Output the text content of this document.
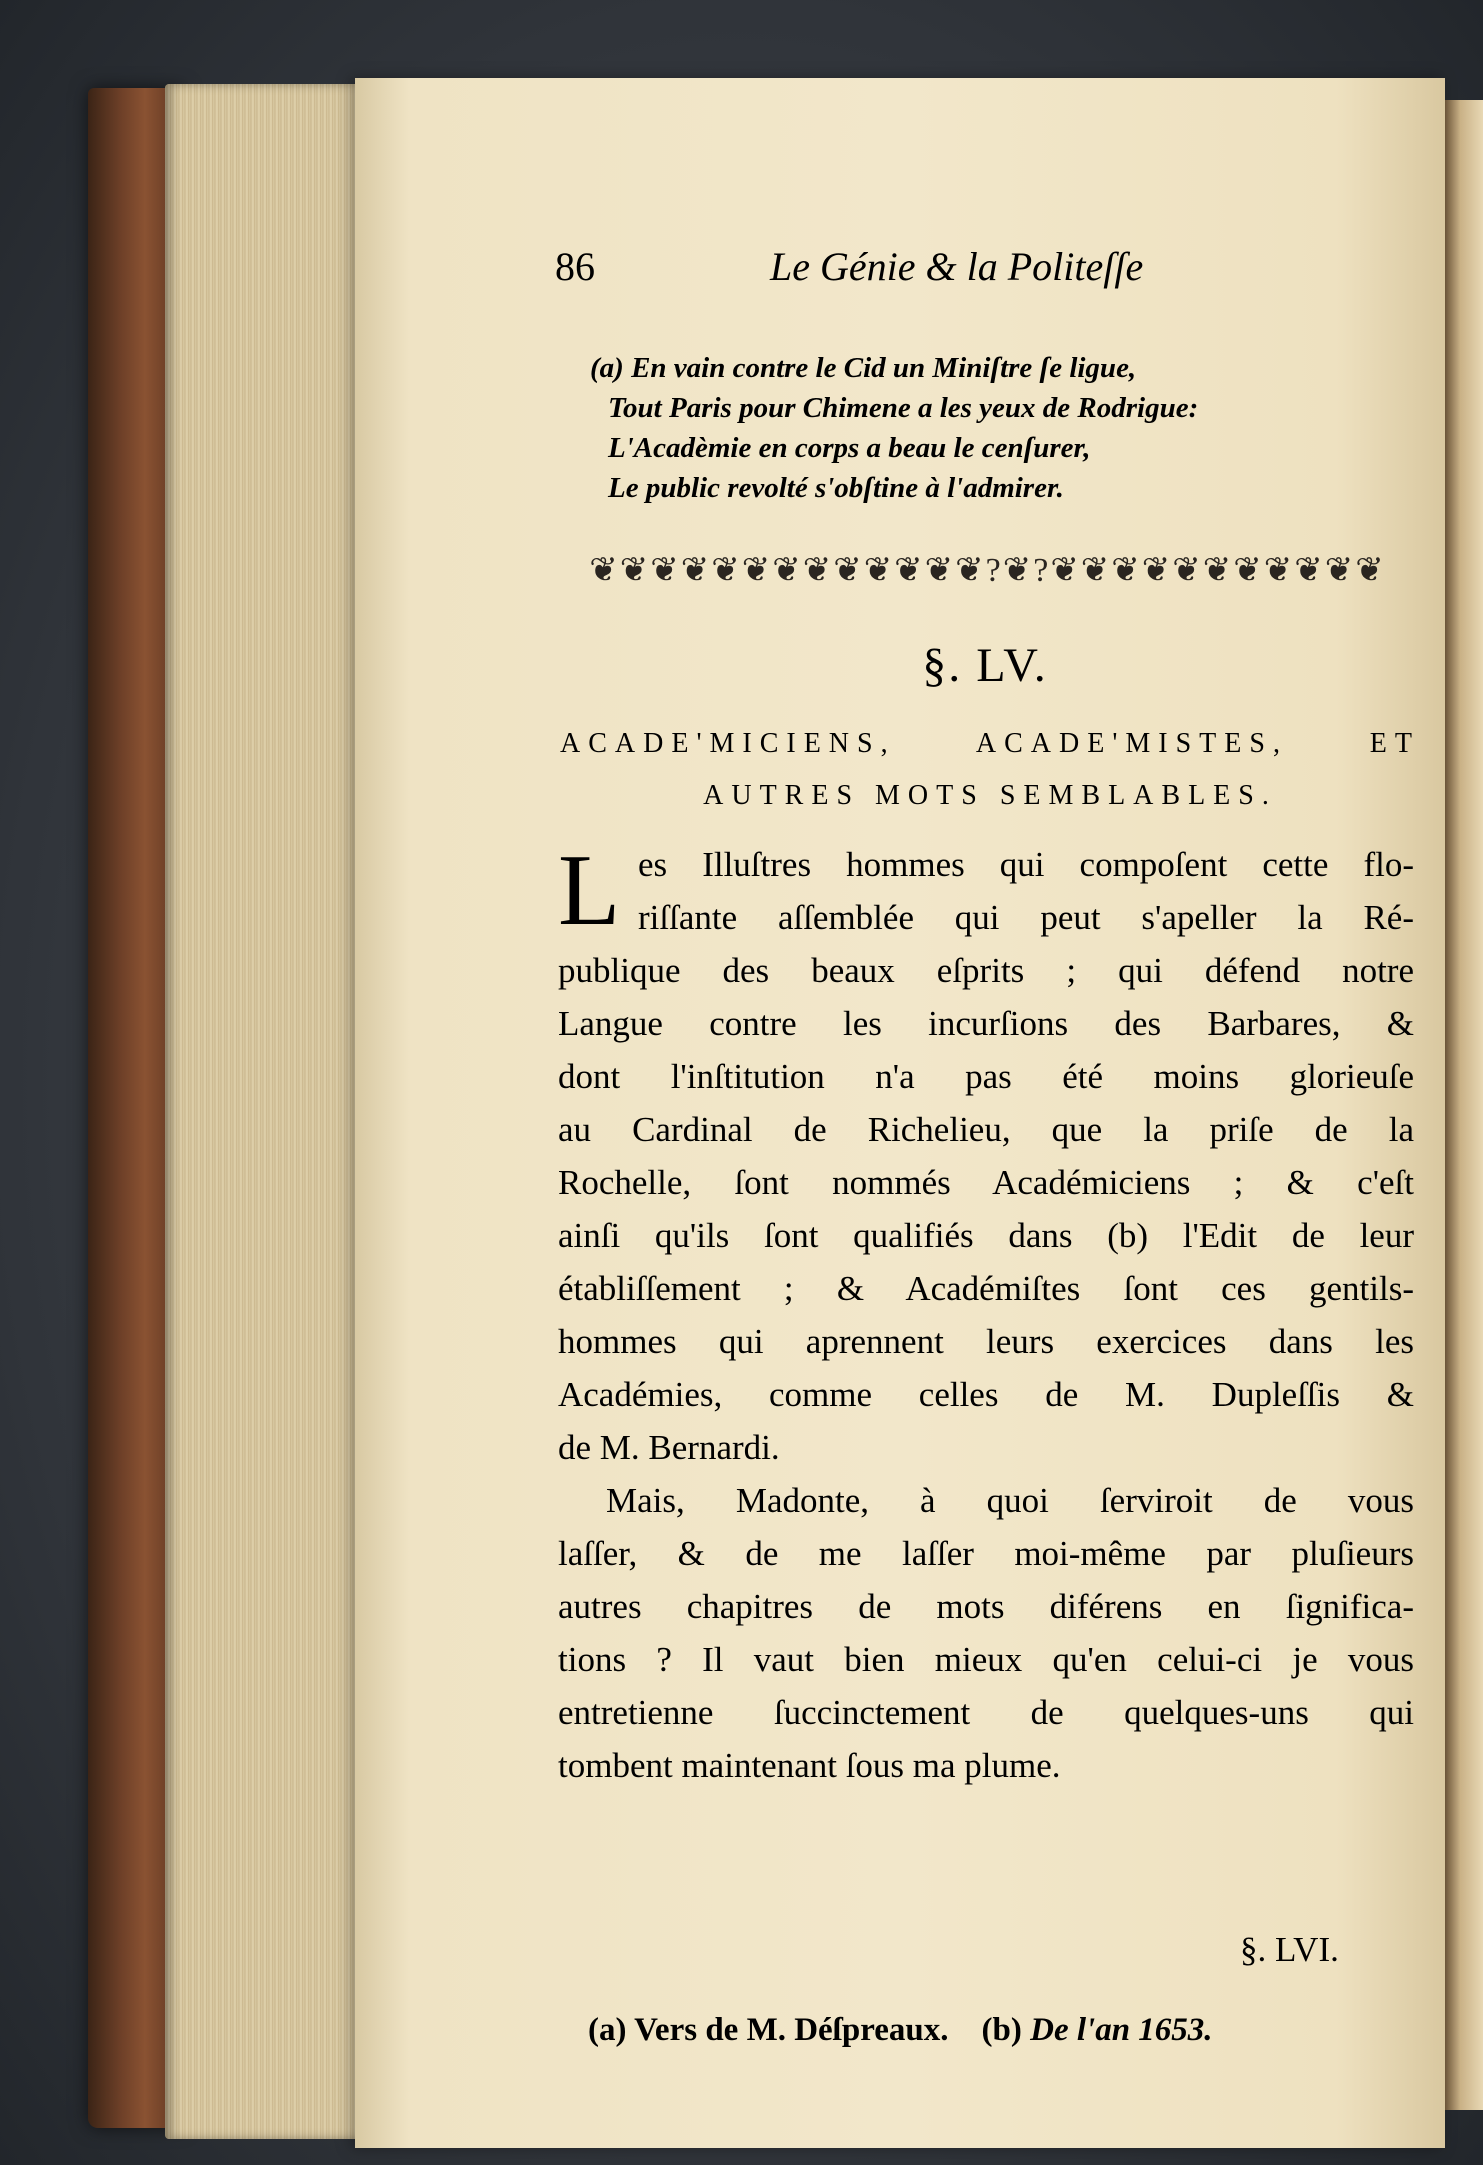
86	Le Génie & la Politeſſe
(a) En vain contre le Cid un Miniſtre ſe ligue,
Tout Paris pour Chimene a les yeux de Rodrigue:
L'Acadèmie en corps a beau le cenſurer,
Le public revolté s'obſtine à l'admirer.
❦❦❦❦❦❦❦❦❦❦❦❦❦?❦?❦❦❦❦❦❦❦❦❦❦❦
§. LV.
ACADE'MICIENS, ACADE'MISTES, ET
AUTRES MOTS SEMBLABLES.
L es Illuſtres hommes qui compoſent cette flo-
riſſante aſſemblée qui peut s'apeller la Ré-
publique des beaux eſprits ; qui défend notre
Langue contre les incurſions des Barbares, &
dont l'inſtitution n'a pas été moins glorieuſe
au Cardinal de Richelieu, que la priſe de la
Rochelle, ſont nommés Académiciens ; & c'eſt
ainſi qu'ils ſont qualifiés dans (b) l'Edit de leur
établiſſement ; & Académiſtes ſont ces gentils-
hommes qui aprennent leurs exercices dans les
Académies, comme celles de M. Dupleſſis &
de M. Bernardi.
Mais, Madonte, à quoi ſerviroit de vous
laſſer, & de me laſſer moi-même par pluſieurs
autres chapitres de mots diférens en ſignifica-
tions ? Il vaut bien mieux qu'en celui-ci je vous
entretienne ſuccinctement de quelques-uns qui
tombent maintenant ſous ma plume.
§. LVI.
(a) Vers de M. Déſpreaux. (b) De l'an 1653.
